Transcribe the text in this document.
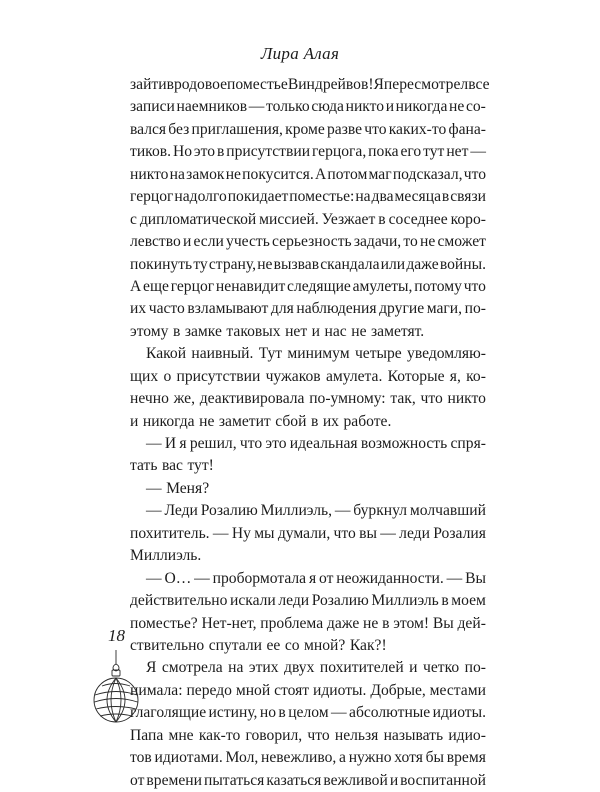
Лира Алая
зайти в родовое поместье Виндрейвов! Я пересмотрел все
записи наемников — только сюда никто и никогда не со-
вался без приглашения, кроме разве что каких-то фана-
тиков. Но это в присутствии герцога, пока его тут нет —
никто на замок не покусится. А потом маг подсказал, что
герцог надолго покидает поместье: на два месяца в связи
с дипломатической миссией. Уезжает в соседнее коро-
левство и если учесть серьезность задачи, то не сможет
покинуть ту страну, не вызвав скандала или даже войны.
А еще герцог ненавидит следящие амулеты, потому что
их часто взламывают для наблюдения другие маги, по-
этому в замке таковых нет и нас не заметят.
Какой наивный. Тут минимум четыре уведомляю-
щих о присутствии чужаков амулета. Которые я, ко-
нечно же, деактивировала по-умному: так, что никто
и никогда не заметит сбой в их работе.
— И я решил, что это идеальная возможность спря-
тать вас тут!
— Меня?
— Леди Розалию Миллиэль, — буркнул молчавший
похититель. — Ну мы думали, что вы — леди Розалия
Миллиэль.
— О… — пробормотала я от неожиданности. — Вы
действительно искали леди Розалию Миллиэль в моем
поместье? Нет-нет, проблема даже не в этом! Вы дей-
ствительно спутали ее со мной? Как?!
Я смотрела на этих двух похитителей и четко по-
нимала: передо мной стоят идиоты. Добрые, местами
глаголящие истину, но в целом — абсолютные идиоты.
Папа мне как-то говорил, что нельзя называть идио-
тов идиотами. Мол, невежливо, а нужно хотя бы время
от времени пытаться казаться вежливой и воспитанной
18
